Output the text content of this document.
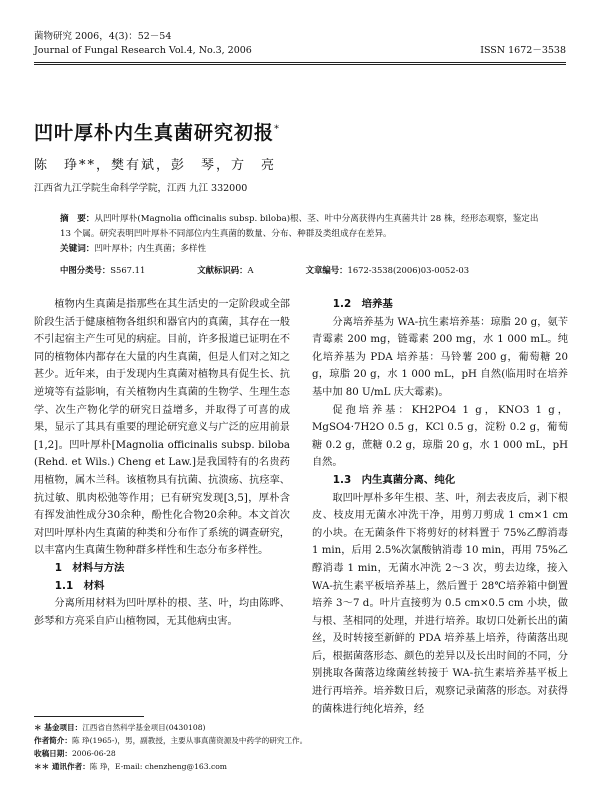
菌物研究 2006，4(3)：52－54
Journal of Fungal Research Vol.4, No.3, 2006	ISSN 1672－3538
凹叶厚朴内生真菌研究初报*
陈　琤**，樊有斌，彭　琴，方　亮
江西省九江学院生命科学学院，江西 九江 332000
摘　要：从凹叶厚朴(Magnolia officinalis subsp. biloba)根、茎、叶中分离获得内生真菌共计 28 株，经形态观察，鉴定出 13 个属。研究表明凹叶厚朴不同部位内生真菌的数量、分布、种群及类组成存在差异。
关键词：凹叶厚朴；内生真菌；多样性
中图分类号：S567.11	文献标识码：A	文章编号：1672-3538(2006)03-0052-03

植物内生真菌是指那些在其生活史的一定阶段或全部阶段生活于健康植物各组织和器官内的真菌，其存在一般不引起宿主产生可见的病症。目前，许多报道已证明在不同的植物体内都存在大量的内生真菌，但是人们对之知之甚少。近年来，由于发现内生真菌对植物具有促生长、抗逆境等有益影响，有关植物内生真菌的生物学、生理生态学、次生产物化学的研究日益增多，并取得了可喜的成果，显示了其具有重要的理论研究意义与广泛的应用前景[1,2]。凹叶厚朴[Magnolia officinalis subsp. biloba (Rehd. et Wils.) Cheng et Law.]是我国特有的名贵药用植物，属木兰科。该植物具有抗菌、抗溃疡、抗痉挛、抗过敏、肌肉松弛等作用；已有研究发现[3,5]，厚朴含有挥发油性成分30余种，酚性化合物20余种。本文首次对凹叶厚朴内生真菌的种类和分布作了系统的调查研究，以丰富内生真菌生物种群多样性和生态分布多样性。

1　材料与方法

1.1　材料

分离所用材料为凹叶厚朴的根、茎、叶，均由陈晔、彭琴和方亮采自庐山植物园，无其他病虫害。

1.2　培养基

分离培养基为 WA-抗生素培养基：琼脂 20 g，氨苄青霉素 200 mg，链霉素 200 mg，水 1 000 mL。纯化培养基为 PDA 培养基：马铃薯 200 g，葡萄糖 20 g，琼脂 20 g，水 1 000 mL，pH 自然(临用时在培养基中加 80 U/mL 庆大霉素)。

促孢培养基：KH2PO4 1 g，KNO3 1 g，MgSO4·7H2O 0.5 g，KCl 0.5 g，淀粉 0.2 g，葡萄糖 0.2 g，蔗糖 0.2 g，琼脂 20 g，水 1 000 mL，pH 自然。

1.3　内生真菌分离、纯化

取凹叶厚朴多年生根、茎、叶，剂去表皮后，剥下根皮、枝皮用无菌水冲洗干净，用剪刀剪成 1 cm×1 cm 的小块。在无菌条件下将剪好的材料置于 75%乙醇消毒 1 min，后用 2.5%次氯酸钠消毒 10 min，再用 75%乙醇消毒 1 min，无菌水冲洗 2～3 次，剪去边缘，接入 WA-抗生素平板培养基上，然后置于 28℃培养箱中倒置培养 3～7 d。叶片直接剪为 0.5 cm×0.5 cm 小块，做与根、茎相同的处理，并进行培养。取切口处新长出的菌丝，及时转接至新鲜的 PDA 培养基上培养，待菌落出现后，根据菌落形态、颜色的差异以及长出时间的不同，分别挑取各菌落边缘菌丝转接于 WA-抗生素培养基平板上进行再培养。培养数日后，观察记录菌落的形态。对获得的菌株进行纯化培养，经

＊ 基金项目：江西省自然科学基金项目(0430108)
作者简介：陈 琤(1965-)，男，副教授，主要从事真菌资源及中药学的研究工作。
收稿日期：2006-06-28
＊＊ 通讯作者：陈 琤，E-mail: chenzheng@163.com
